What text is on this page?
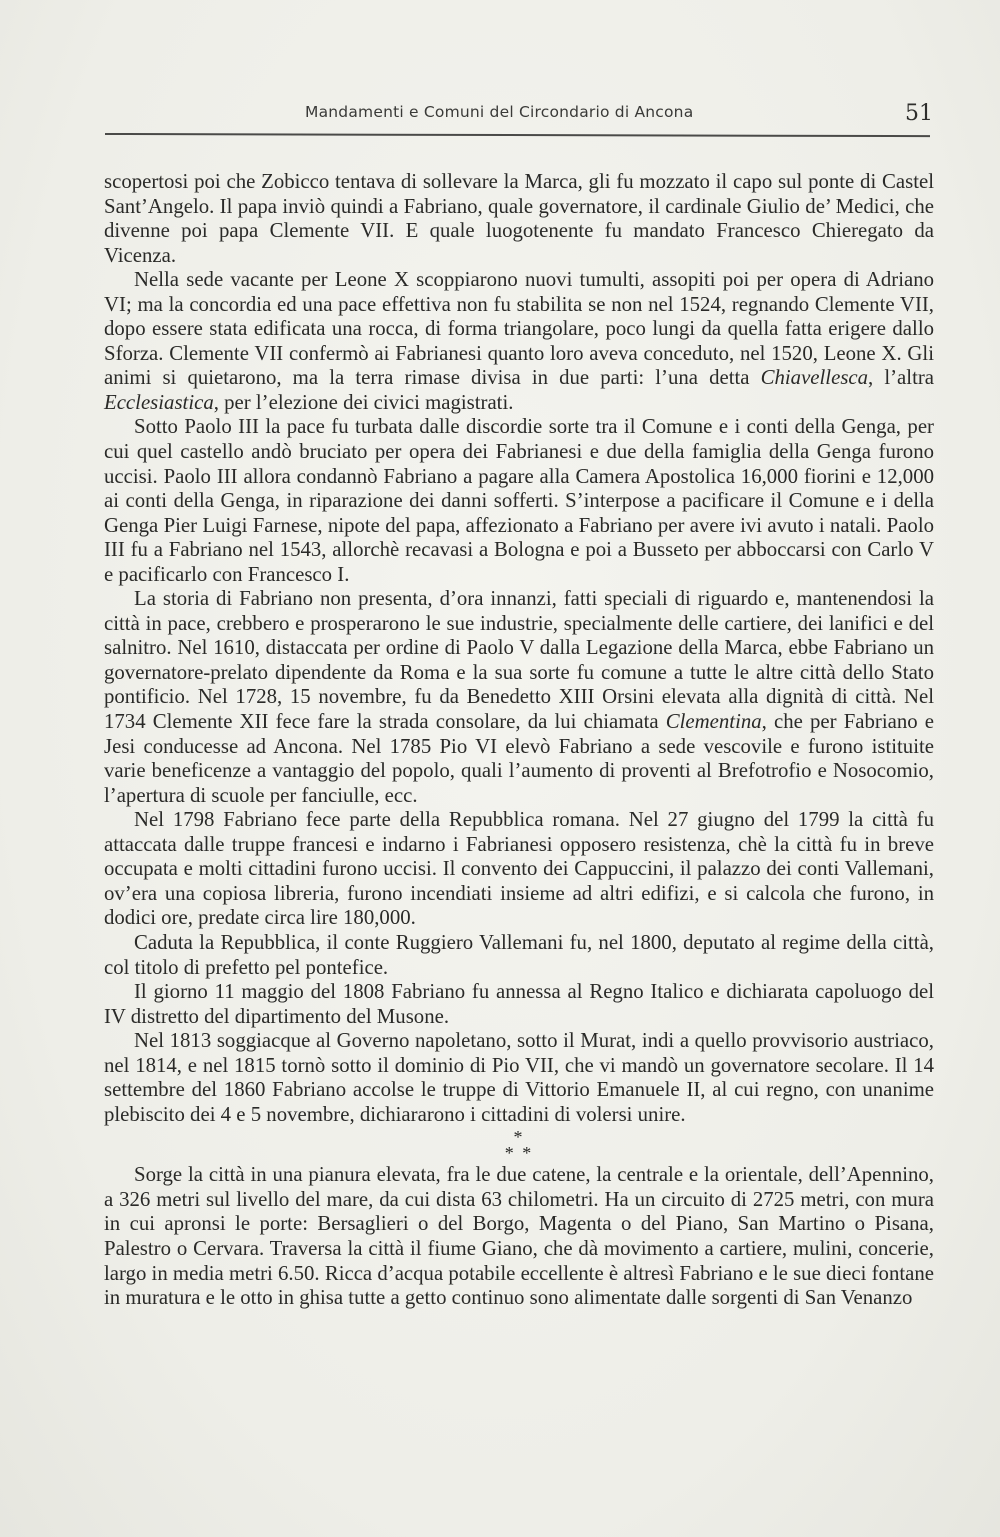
Mandamenti e Comuni del Circondario di Ancona	51

scopertosi poi che Zobicco tentava di sollevare la Marca, gli fu mozzato il capo sul ponte di Castel Sant’Angelo. Il papa inviò quindi a Fabriano, quale governatore, il cardinale Giulio de’ Medici, che divenne poi papa Clemente VII. E quale luogotenente fu mandato Francesco Chieregato da Vicenza.

Nella sede vacante per Leone X scoppiarono nuovi tumulti, assopiti poi per opera di Adriano VI; ma la concordia ed una pace effettiva non fu stabilita se non nel 1524, regnando Clemente VII, dopo essere stata edificata una rocca, di forma triangolare, poco lungi da quella fatta erigere dallo Sforza. Clemente VII confermò ai Fabrianesi quanto loro aveva conceduto, nel 1520, Leone X. Gli animi si quietarono, ma la terra rimase divisa in due parti: l’una detta Chiavellesca, l’altra Ecclesiastica, per l’elezione dei civici magistrati.

Sotto Paolo III la pace fu turbata dalle discordie sorte tra il Comune e i conti della Genga, per cui quel castello andò bruciato per opera dei Fabrianesi e due della famiglia della Genga furono uccisi. Paolo III allora condannò Fabriano a pagare alla Camera Apostolica 16,000 fiorini e 12,000 ai conti della Genga, in riparazione dei danni sofferti. S’interpose a pacificare il Comune e i della Genga Pier Luigi Farnese, nipote del papa, affezionato a Fabriano per avere ivi avuto i natali. Paolo III fu a Fabriano nel 1543, allorchè recavasi a Bologna e poi a Busseto per abboccarsi con Carlo V e pacificarlo con Francesco I.

La storia di Fabriano non presenta, d’ora innanzi, fatti speciali di riguardo e, mantenendosi la città in pace, crebbero e prosperarono le sue industrie, specialmente delle cartiere, dei lanifici e del salnitro. Nel 1610, distaccata per ordine di Paolo V dalla Legazione della Marca, ebbe Fabriano un governatore-prelato dipendente da Roma e la sua sorte fu comune a tutte le altre città dello Stato pontificio. Nel 1728, 15 novembre, fu da Benedetto XIII Orsini elevata alla dignità di città. Nel 1734 Clemente XII fece fare la strada consolare, da lui chiamata Clementina, che per Fabriano e Jesi conducesse ad Ancona. Nel 1785 Pio VI elevò Fabriano a sede vescovile e furono istituite varie beneficenze a vantaggio del popolo, quali l’aumento di proventi al Brefotrofio e Nosocomio, l’apertura di scuole per fanciulle, ecc.

Nel 1798 Fabriano fece parte della Repubblica romana. Nel 27 giugno del 1799 la città fu attaccata dalle truppe francesi e indarno i Fabrianesi opposero resistenza, chè la città fu in breve occupata e molti cittadini furono uccisi. Il convento dei Cappuccini, il palazzo dei conti Vallemani, ov’era una copiosa libreria, furono incendiati insieme ad altri edifizi, e si calcola che furono, in dodici ore, predate circa lire 180,000.

Caduta la Repubblica, il conte Ruggiero Vallemani fu, nel 1800, deputato al regime della città, col titolo di prefetto pel pontefice.

Il giorno 11 maggio del 1808 Fabriano fu annessa al Regno Italico e dichiarata capoluogo del IV distretto del dipartimento del Musone.

Nel 1813 soggiacque al Governo napoletano, sotto il Murat, indi a quello provvisorio austriaco, nel 1814, e nel 1815 tornò sotto il dominio di Pio VII, che vi mandò un governatore secolare. Il 14 settembre del 1860 Fabriano accolse le truppe di Vittorio Emanuele II, al cui regno, con unanime plebiscito dei 4 e 5 novembre, dichiararono i cittadini di volersi unire.

*
* *

Sorge la città in una pianura elevata, fra le due catene, la centrale e la orientale, dell’Apennino, a 326 metri sul livello del mare, da cui dista 63 chilometri. Ha un circuito di 2725 metri, con mura in cui apronsi le porte: Bersaglieri o del Borgo, Magenta o del Piano, San Martino o Pisana, Palestro o Cervara. Traversa la città il fiume Giano, che dà movimento a cartiere, mulini, concerie, largo in media metri 6.50. Ricca d’acqua potabile eccellente è altresì Fabriano e le sue dieci fontane in muratura e le otto in ghisa tutte a getto continuo sono alimentate dalle sorgenti di San Venanzo
